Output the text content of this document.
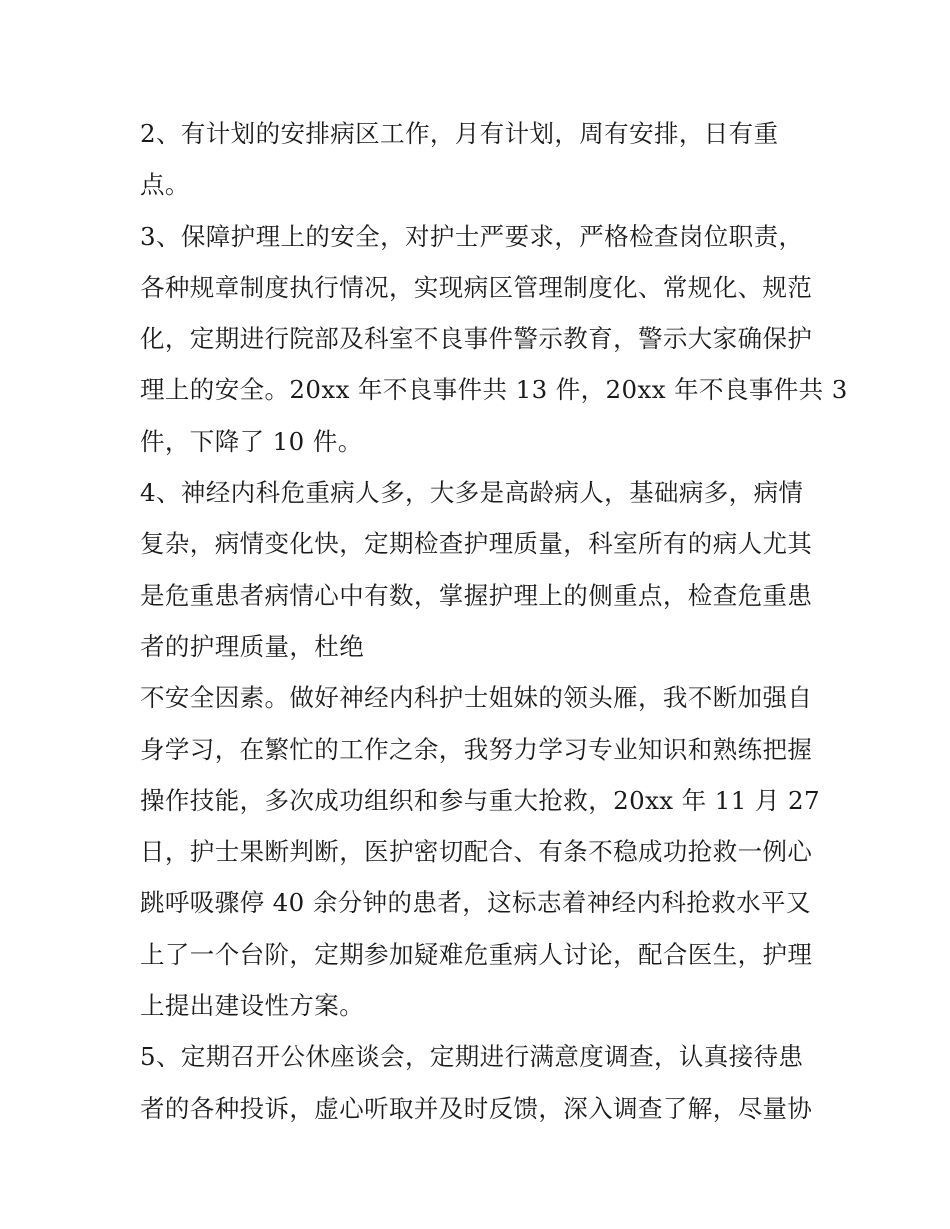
2、有计划的安排病区工作，月有计划，周有安排，日有重
点。
3、保障护理上的安全，对护士严要求，严格检查岗位职责，
各种规章制度执行情况，实现病区管理制度化、常规化、规范
化，定期进行院部及科室不良事件警示教育，警示大家确保护
理上的安全。20xx 年不良事件共 13 件，20xx 年不良事件共 3
件，下降了 10 件。
4、神经内科危重病人多，大多是高龄病人，基础病多，病情
复杂，病情变化快，定期检查护理质量，科室所有的病人尤其
是危重患者病情心中有数，掌握护理上的侧重点，检查危重患
者的护理质量，杜绝
不安全因素。做好神经内科护士姐妹的领头雁，我不断加强自
身学习，在繁忙的工作之余，我努力学习专业知识和熟练把握
操作技能，多次成功组织和参与重大抢救，20xx 年 11 月 27
日，护士果断判断，医护密切配合、有条不稳成功抢救一例心
跳呼吸骤停 40 余分钟的患者，这标志着神经内科抢救水平又
上了一个台阶，定期参加疑难危重病人讨论，配合医生，护理
上提出建设性方案。
5、定期召开公休座谈会，定期进行满意度调查，认真接待患
者的各种投诉，虚心听取并及时反馈，深入调查了解，尽量协
